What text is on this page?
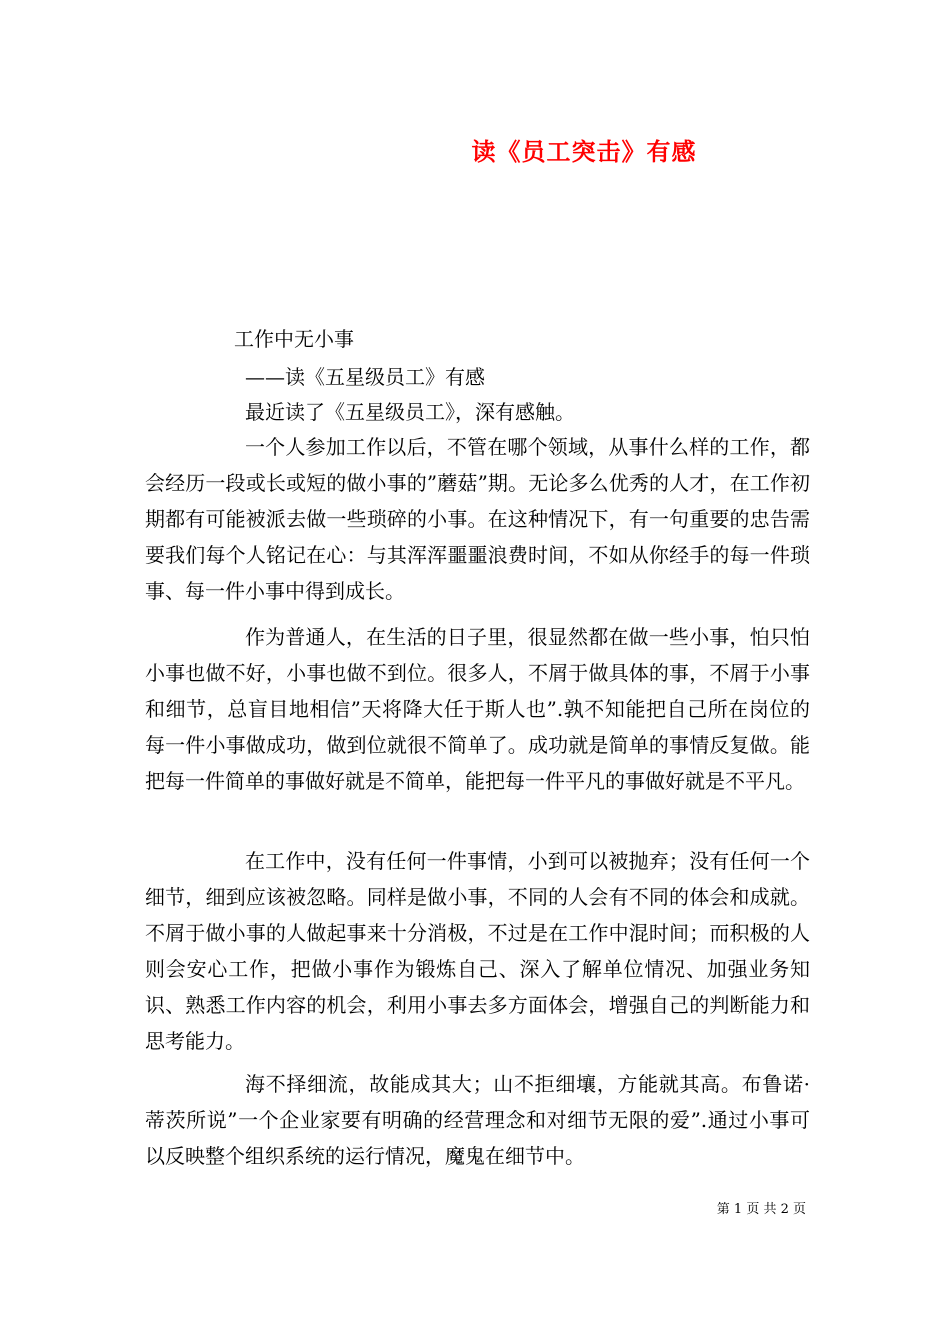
读《员工突击》有感

工作中无小事

——读《五星级员工》有感

最近读了《五星级员工》，深有感触。

一个人参加工作以后，不管在哪个领域，从事什么样的工作，都会经历一段或长或短的做小事的”蘑菇”期。无论多么优秀的人才，在工作初期都有可能被派去做一些琐碎的小事。在这种情况下，有一句重要的忠告需要我们每个人铭记在心：与其浑浑噩噩浪费时间，不如从你经手的每一件琐事、每一件小事中得到成长。

作为普通人，在生活的日子里，很显然都在做一些小事，怕只怕小事也做不好，小事也做不到位。很多人，不屑于做具体的事，不屑于小事和细节，总盲目地相信”天将降大任于斯人也”.孰不知能把自己所在岗位的每一件小事做成功，做到位就很不简单了。成功就是简单的事情反复做。能把每一件简单的事做好就是不简单，能把每一件平凡的事做好就是不平凡。

在工作中，没有任何一件事情，小到可以被抛弃；没有任何一个细节，细到应该被忽略。同样是做小事，不同的人会有不同的体会和成就。不屑于做小事的人做起事来十分消极，不过是在工作中混时间；而积极的人则会安心工作，把做小事作为锻炼自己、深入了解单位情况、加强业务知识、熟悉工作内容的机会，利用小事去多方面体会，增强自己的判断能力和思考能力。

海不择细流，故能成其大；山不拒细壤，方能就其高。布鲁诺·蒂茨所说”一个企业家要有明确的经营理念和对细节无限的爱”.通过小事可以反映整个组织系统的运行情况，魔鬼在细节中。

第 1 页 共 2 页
